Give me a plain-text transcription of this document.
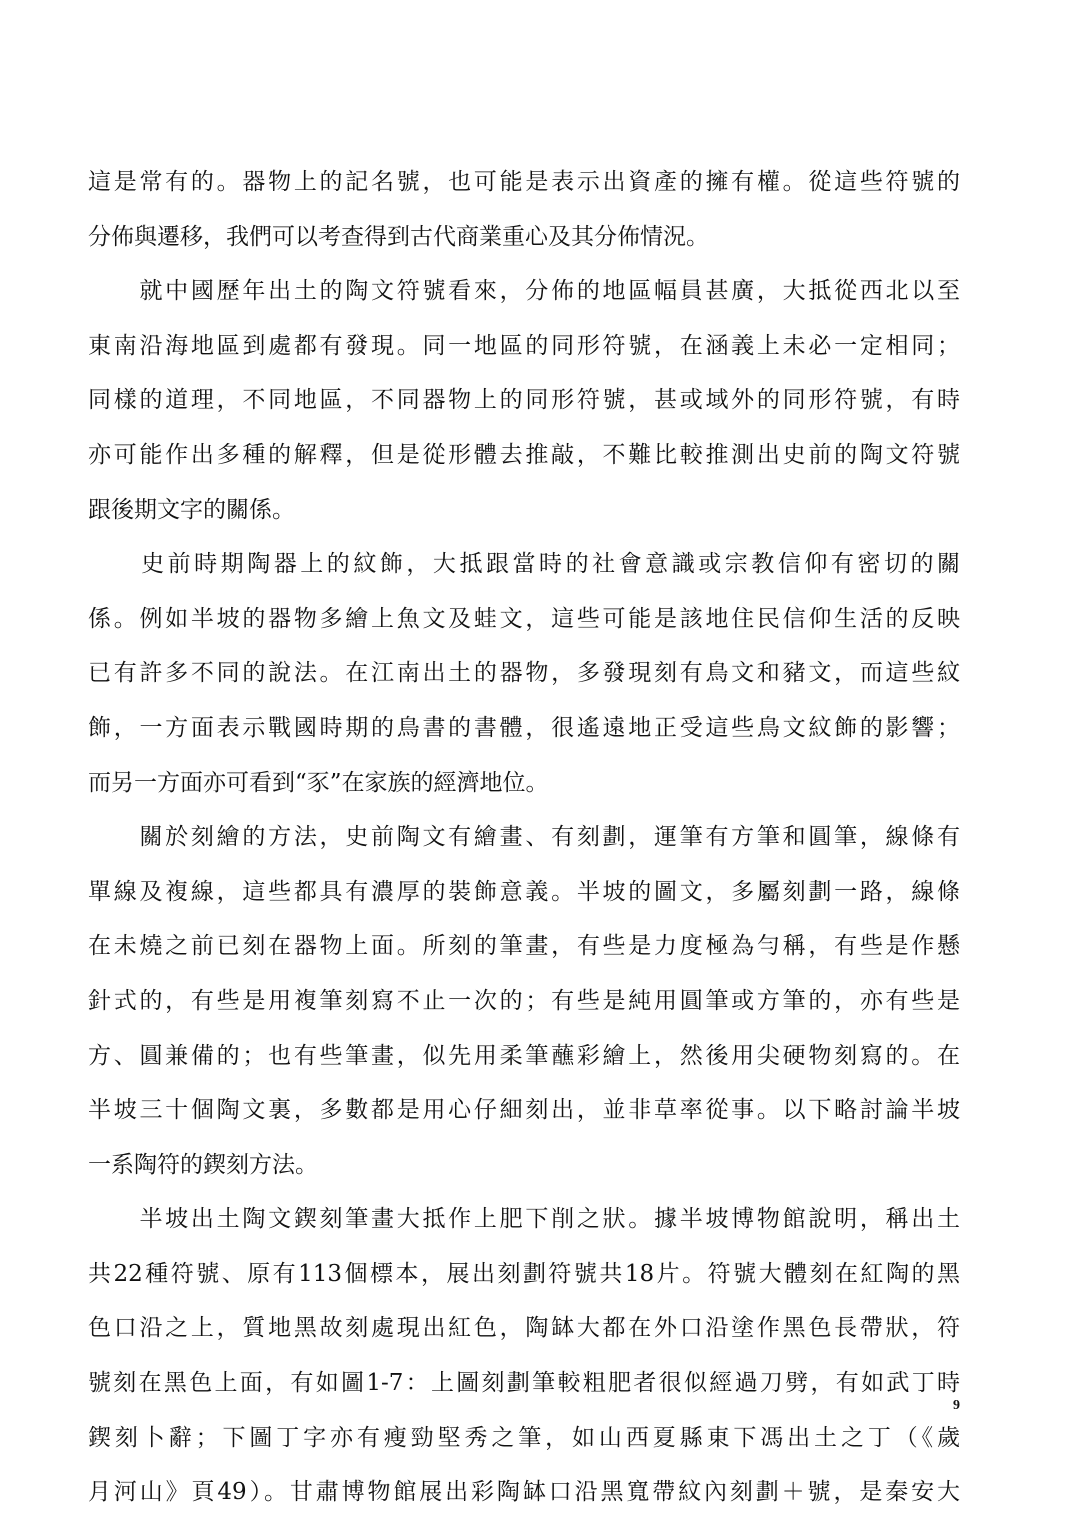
這是常有的。器物上的記名號，也可能是表示出資產的擁有權。從這些符號的
分佈與遷移，我們可以考查得到古代商業重心及其分佈情況。
　　就中國歷年出土的陶文符號看來，分佈的地區幅員甚廣，大抵從西北以至
東南沿海地區到處都有發現。同一地區的同形符號，在涵義上未必一定相同；
同樣的道理，不同地區，不同器物上的同形符號，甚或域外的同形符號，有時
亦可能作出多種的解釋，但是從形體去推敲，不難比較推測出史前的陶文符號
跟後期文字的關係。
　　史前時期陶器上的紋飾，大抵跟當時的社會意識或宗教信仰有密切的關
係。例如半坡的器物多繪上魚文及蛙文，這些可能是該地住民信仰生活的反映
已有許多不同的說法。在江南出土的器物，多發現刻有鳥文和豬文，而這些紋
飾，一方面表示戰國時期的鳥書的書體，很遙遠地正受這些鳥文紋飾的影響；
而另一方面亦可看到“豕”在家族的經濟地位。
　　關於刻繪的方法，史前陶文有繪畫、有刻劃，運筆有方筆和圓筆，線條有
單線及複線，這些都具有濃厚的裝飾意義。半坡的圖文，多屬刻劃一路，線條
在未燒之前已刻在器物上面。所刻的筆畫，有些是力度極為勻稱，有些是作懸
針式的，有些是用複筆刻寫不止一次的；有些是純用圓筆或方筆的，亦有些是
方、圓兼備的；也有些筆畫，似先用柔筆蘸彩繪上，然後用尖硬物刻寫的。在
半坡三十個陶文裏，多數都是用心仔細刻出，並非草率從事。以下略討論半坡
一系陶符的鍥刻方法。
　　半坡出土陶文鍥刻筆畫大抵作上肥下削之狀。據半坡博物館說明，稱出土
共22種符號、原有113個標本，展出刻劃符號共18片。符號大體刻在紅陶的黑
色口沿之上，質地黑故刻處現出紅色，陶缽大都在外口沿塗作黑色長帶狀，符
號刻在黑色上面，有如圖1-7：上圖刻劃筆較粗肥者很似經過刀劈，有如武丁時
鍥刻卜辭；下圖丁字亦有瘦勁堅秀之筆，如山西夏縣東下馮出土之丁（《歲
月河山》頁49）。甘肅博物館展出彩陶缽口沿黑寬帶紋內刻劃＋號，是秦安大
9
